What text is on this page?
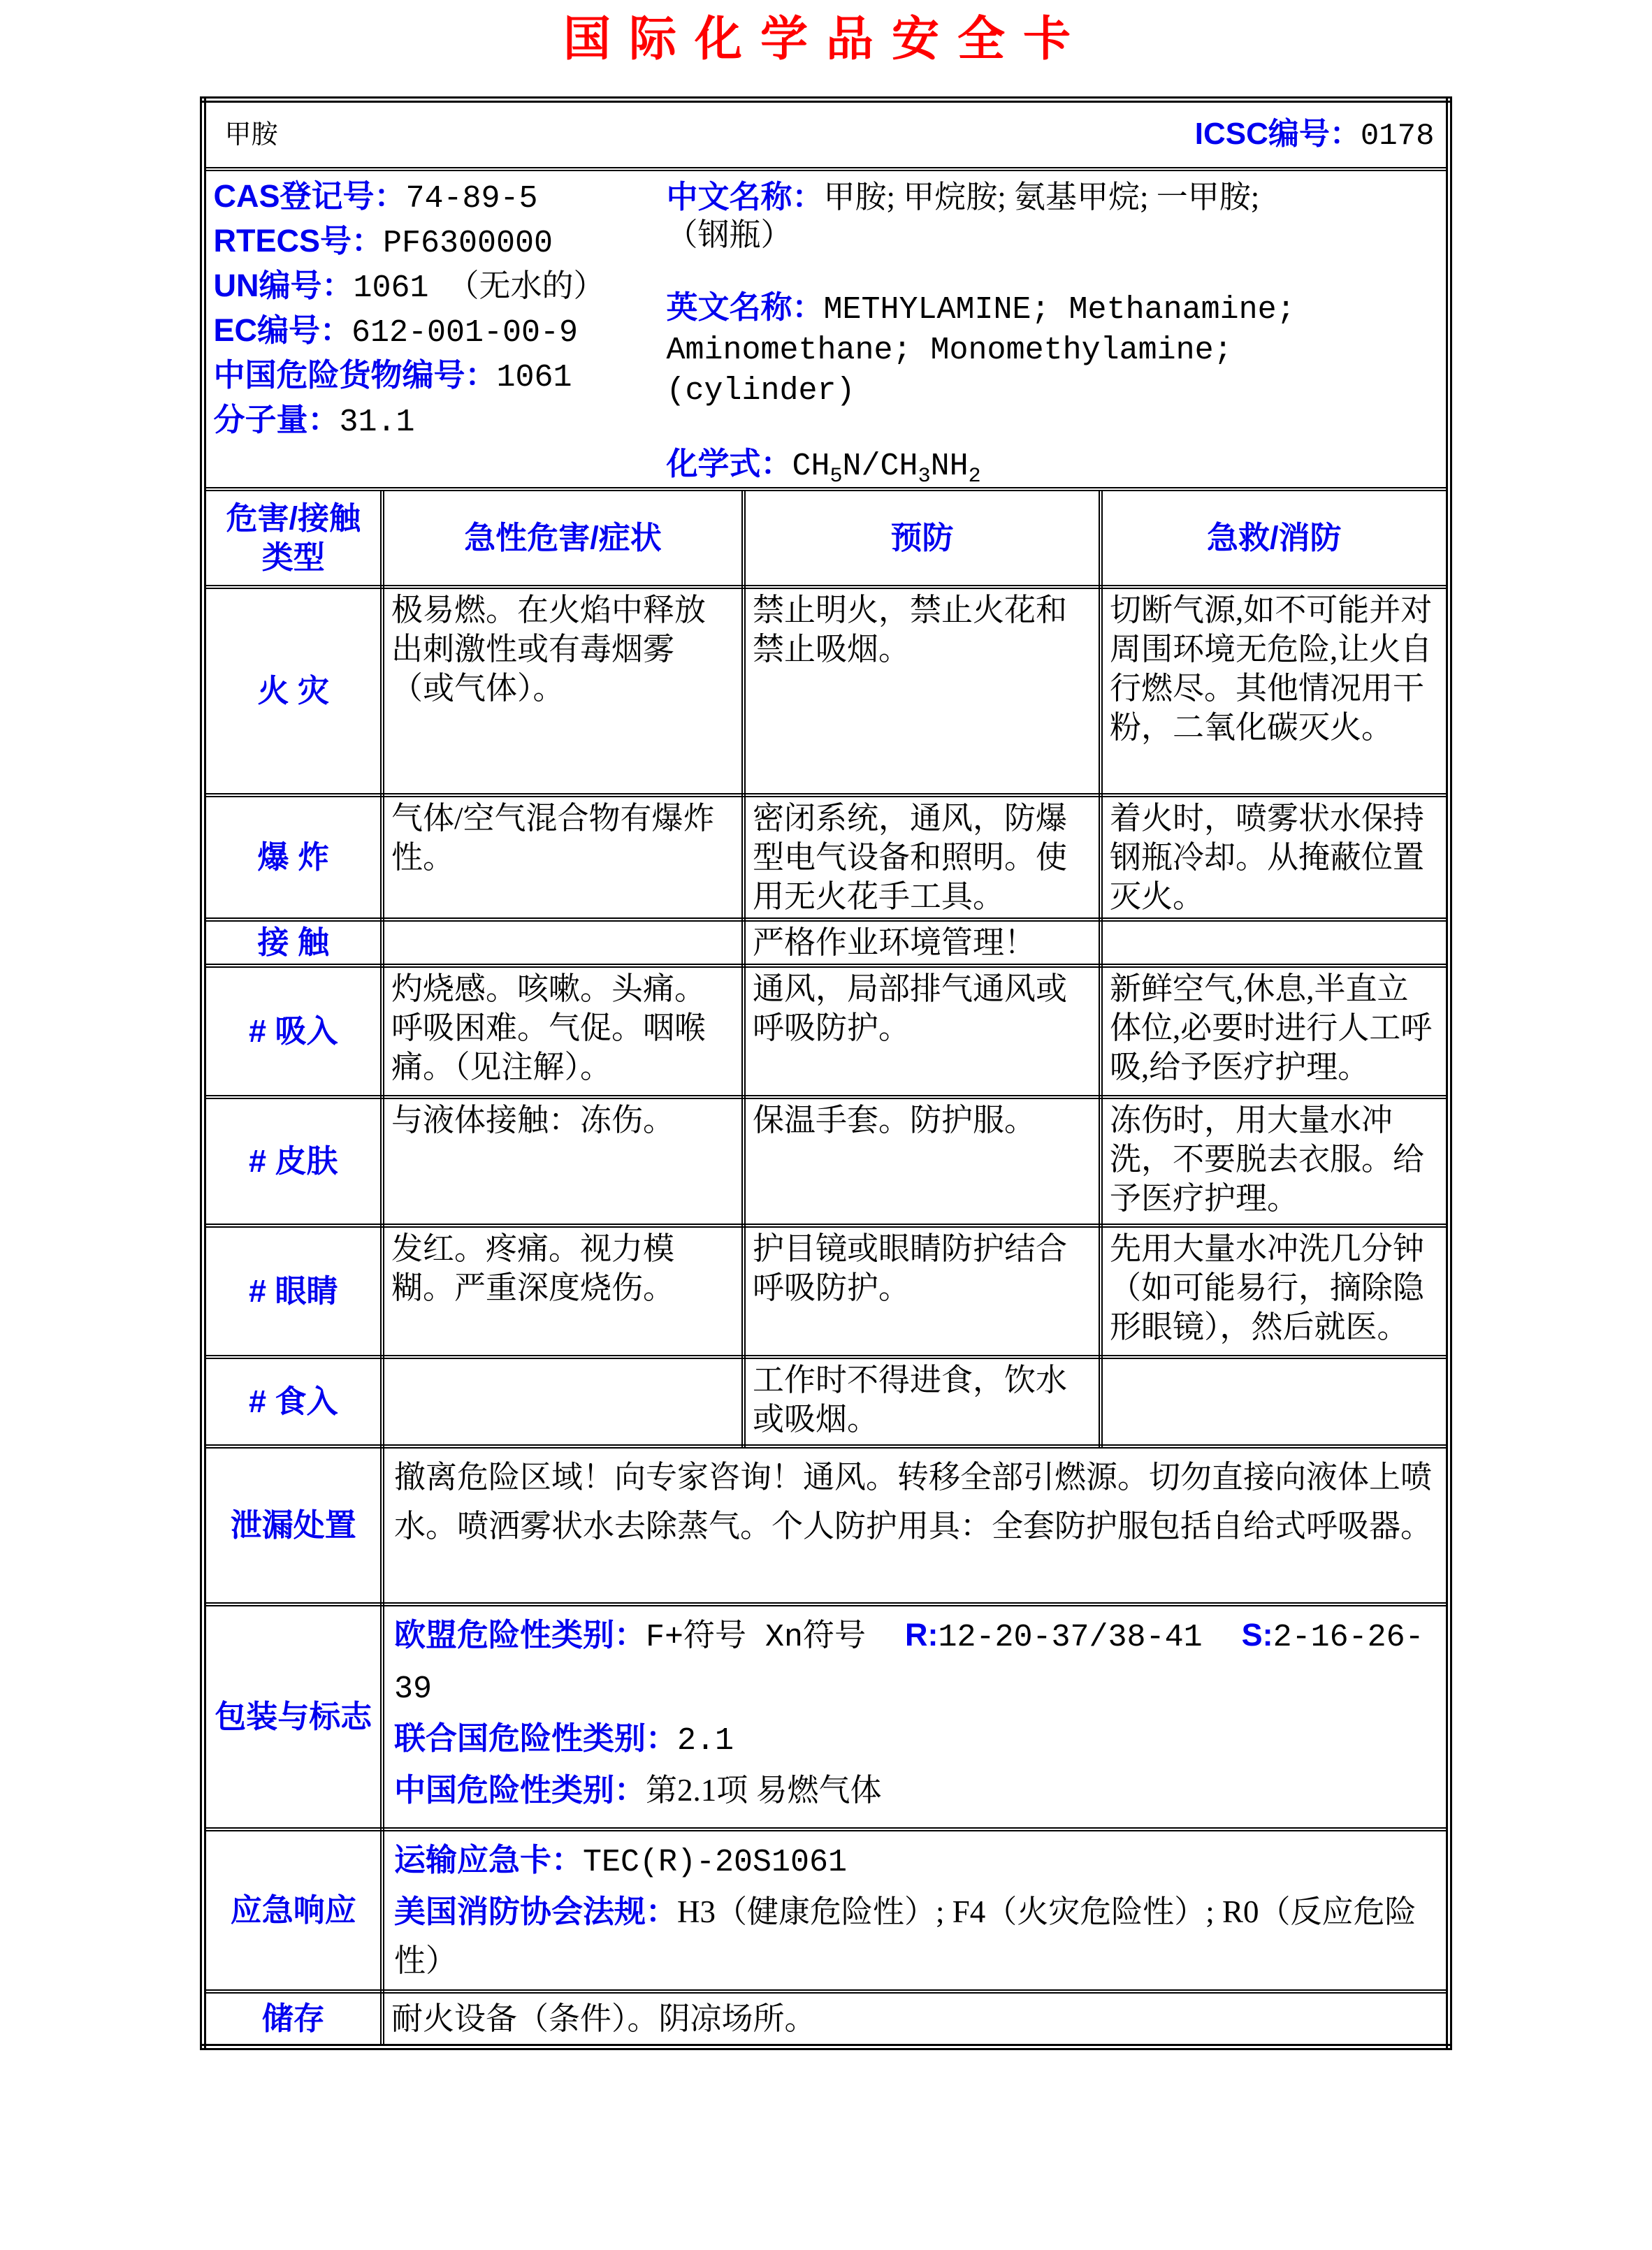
国际化学品安全卡
甲胺 ICSC编号：0178			

CAS登记号：74-89-5
RTECS号：PF6300000
UN编号：1061 （无水的）
EC编号：612-001-00-9
中国危险货物编号：1061
分子量：31.1
中文名称：甲胺; 甲烷胺; 氨基甲烷; 一甲胺;
（钢瓶）
英文名称：METHYLAMINE; Methanamine;
Aminomethane; Monomethylamine; (cylinder)
化学式：$CH_5N/CH_3NH_2$

危害/接触
类型	急性危害/症状	预防	急救/消防
火 灾	极易燃。在火焰中释放出刺激性或有毒烟雾（或气体）。	禁止明火，禁止火花和禁止吸烟。	切断气源,如不可能并对周围环境无危险,让火自行燃尽。其他情况用干粉，二氧化碳灭火。
爆 炸	气体/空气混合物有爆炸性。	密闭系统，通风，防爆型电气设备和照明。使用无火花手工具。	着火时，喷雾状水保持钢瓶冷却。从掩蔽位置灭火。
接 触		严格作业环境管理！	
# 吸入	灼烧感。咳嗽。头痛。呼吸困难。气促。咽喉痛。（见注解）。	通风，局部排气通风或呼吸防护。	新鲜空气,休息,半直立体位,必要时进行人工呼吸,给予医疗护理。
# 皮肤	与液体接触：冻伤。	保温手套。防护服。	冻伤时，用大量水冲洗，不要脱去衣服。给予医疗护理。
# 眼睛	发红。疼痛。视力模糊。严重深度烧伤。	护目镜或眼睛防护结合呼吸防护。	先用大量水冲洗几分钟（如可能易行，摘除隐形眼镜），然后就医。
# 食入		工作时不得进食，饮水或吸烟。	
泄漏处置	撤离危险区域！向专家咨询！通风。转移全部引燃源。切勿直接向液体上喷水。喷洒雾状水去除蒸气。个人防护用具：全套防护服包括自给式呼吸器。		
包装与标志	欧盟危险性类别：F+符号 Xn符号 R:12-20-37/38-41 S:2-16-26-39
联合国危险性类别：2.1
中国危险性类别：第2.1项 易燃气体		

应急响应	运输应急卡：TEC(R)-20S1061
美国消防协会法规：H3（健康危险性）; F4（火灾危险性）; R0（反应危险性）		

储存	耐火设备（条件）。阴凉场所。		
